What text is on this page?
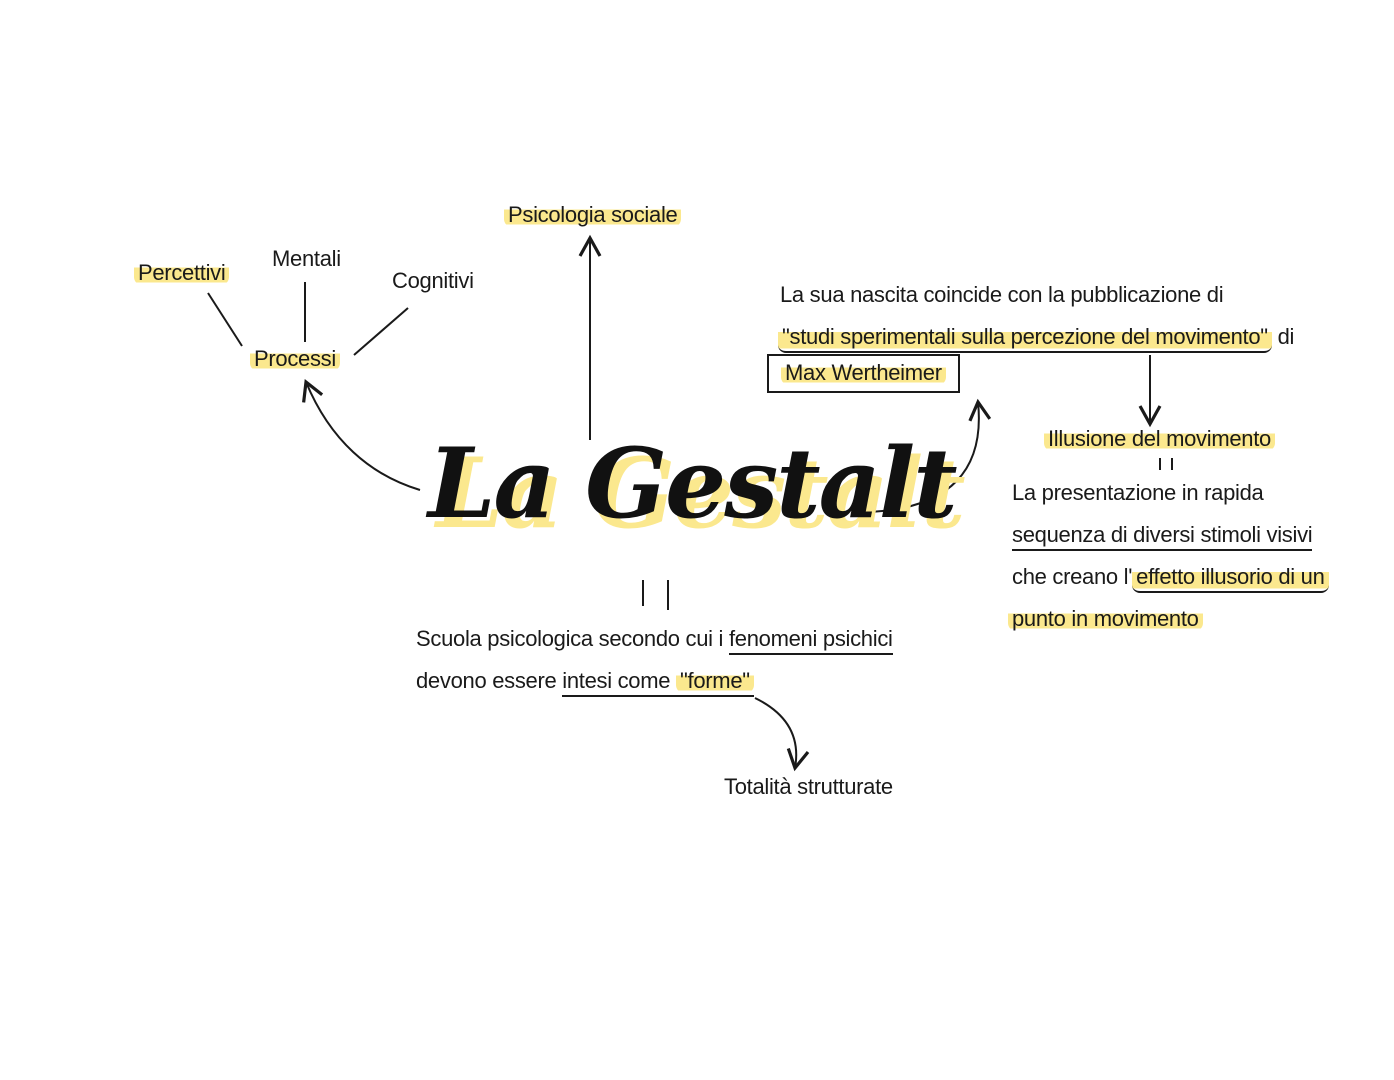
La Gestalt
Psicologia sociale
Percettivi
Mentali
Cognitivi
Processi
La sua nascita coincide con la pubblicazione di
"studi sperimentali sulla percezione del movimento" di
Max Wertheimer
Illusione del movimento
La presentazione in rapida
sequenza di diversi stimoli visivi
che creano l' effetto illusorio di un
punto in movimento
Scuola psicologica secondo cui i fenomeni psichici
devono essere intesi come "forme"
Totalità strutturate
